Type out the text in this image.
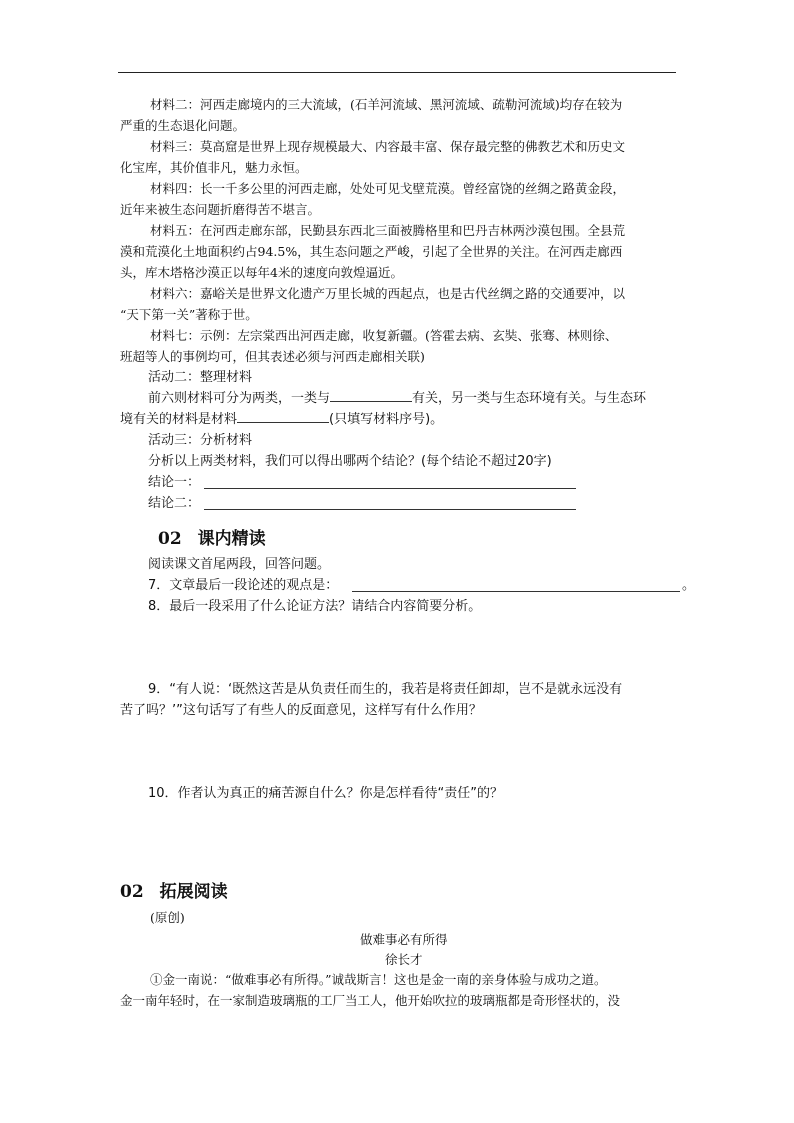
材料二：河西走廊境内的三大流域，(石羊河流域、黑河流域、疏勒河流域)均存在较为
严重的生态退化问题。
材料三：莫高窟是世界上现存规模最大、内容最丰富、保存最完整的佛教艺术和历史文
化宝库，其价值非凡，魅力永恒。
材料四：长一千多公里的河西走廊，处处可见戈壁荒漠。曾经富饶的丝绸之路黄金段，
近年来被生态问题折磨得苦不堪言。
材料五：在河西走廊东部，民勤县东西北三面被腾格里和巴丹吉林两沙漠包围。全县荒
漠和荒漠化土地面积约占94.5%，其生态问题之严峻，引起了全世界的关注。在河西走廊西
头，库木塔格沙漠正以每年4米的速度向敦煌逼近。
材料六：嘉峪关是世界文化遗产万里长城的西起点，也是古代丝绸之路的交通要冲，以
“天下第一关”著称于世。
材料七：示例：左宗棠西出河西走廊，收复新疆。(答霍去病、玄奘、张骞、林则徐、
班超等人的事例均可，但其表述必须与河西走廊相关联)
活动二：整理材料
前六则材料可分为两类，一类与	有关，另一类与生态环境有关。与生态环
境有关的材料是材料	(只填写材料序号)。
活动三：分析材料
分析以上两类材料，我们可以得出哪两个结论？(每个结论不超过20字)
结论一：
结论二：
02 课内精读
阅读课文首尾两段，回答问题。
7．文章最后一段论述的观点是：	。
8．最后一段采用了什么论证方法？请结合内容简要分析。
9．“有人说：‘既然这苦是从负责任而生的，我若是将责任卸却，岂不是就永远没有
苦了吗？’”这句话写了有些人的反面意见，这样写有什么作用？
10．作者认为真正的痛苦源自什么？你是怎样看待“责任”的？
02 拓展阅读
(原创)
做难事必有所得
徐长才
①金一南说：“做难事必有所得。”诚哉斯言！这也是金一南的亲身体验与成功之道。
金一南年轻时，在一家制造玻璃瓶的工厂当工人，他开始吹拉的玻璃瓶都是奇形怪状的，没
